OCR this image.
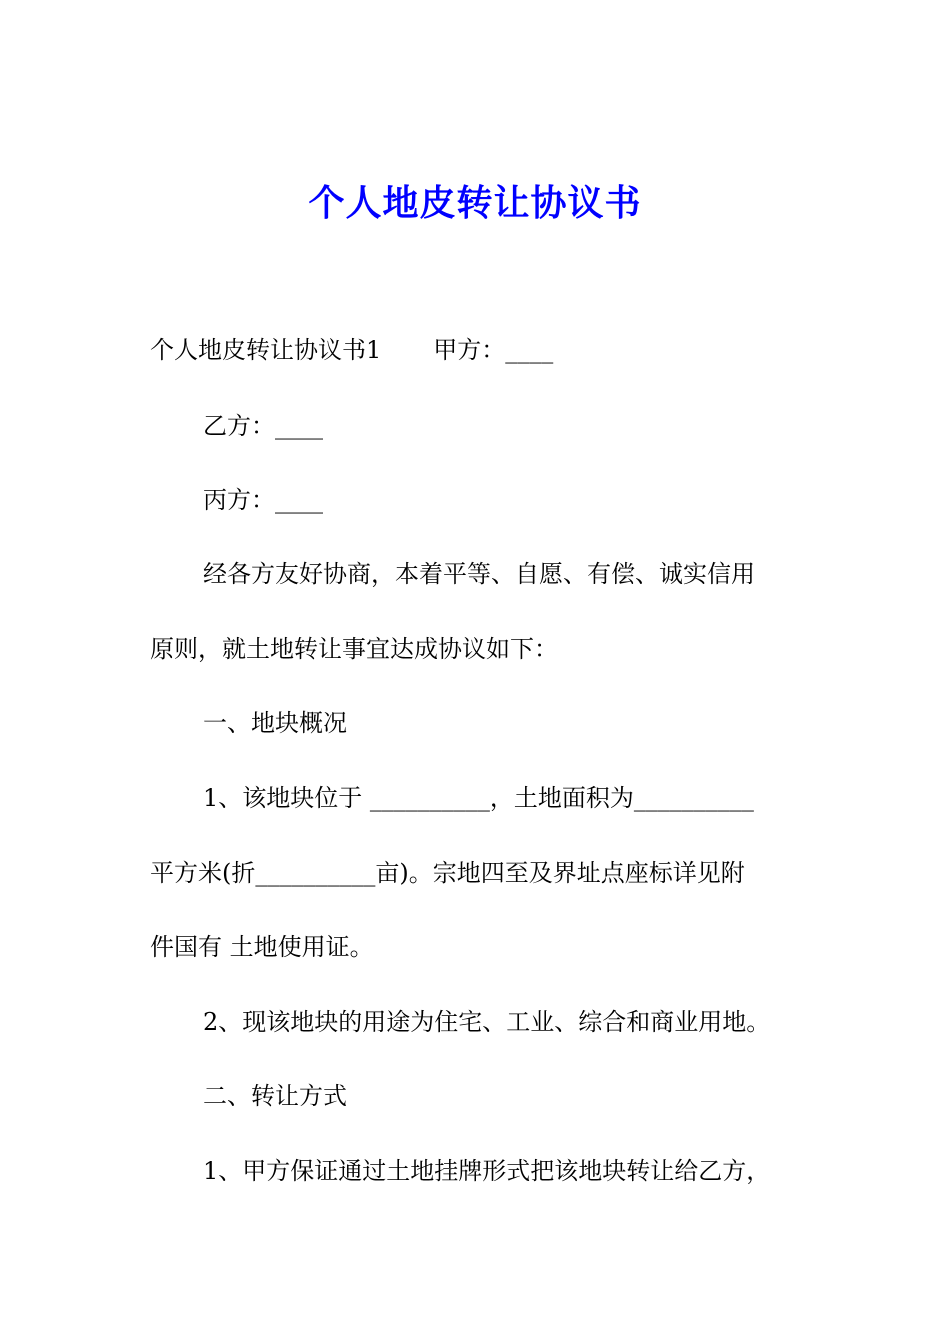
个人地皮转让协议书
个人地皮转让协议书1 甲方：____
乙方：____
丙方：____
经各方友好协商，本着平等、自愿、有偿、诚实信用
原则，就土地转让事宜达成协议如下：
一、地块概况
1、该地块位于 __________，土地面积为__________
平方米(折__________亩)。宗地四至及界址点座标详见附
件国有 土地使用证。
2、现该地块的用途为住宅、工业、综合和商业用地。
二、转让方式
1、甲方保证通过土地挂牌形式把该地块转让给乙方，
